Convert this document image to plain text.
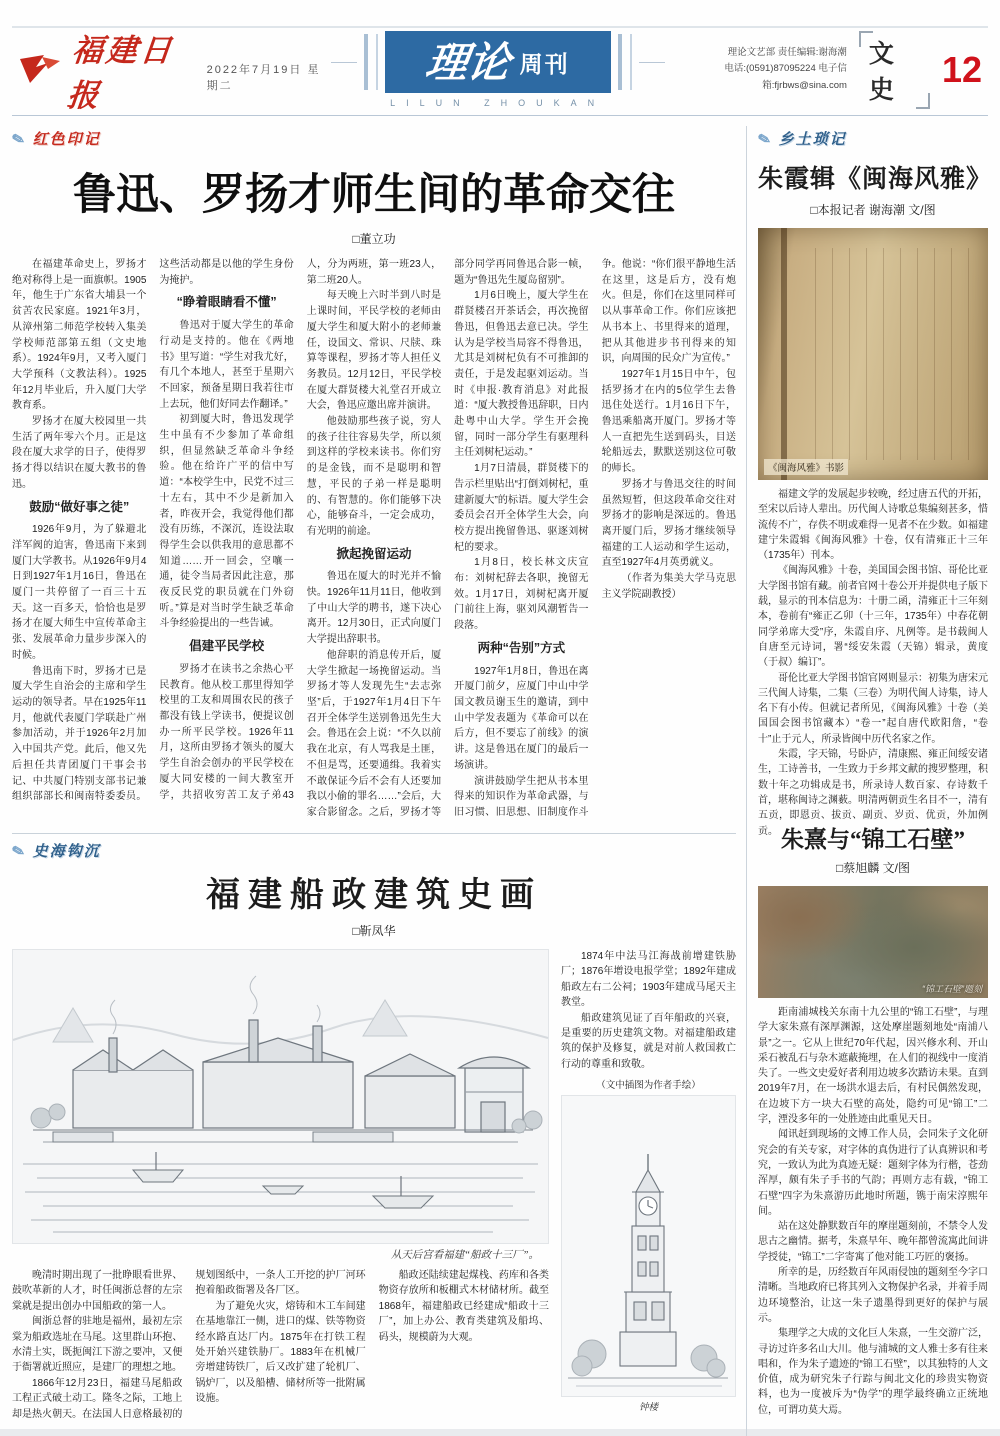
福建日报
2022年7月19日 星期二	理论 周刊
LILUN ZHOUKAN
理论文艺部 责任编辑:谢海潮
电话:(0591)87095224 电子信箱:fjrbws@sina.com
文史	12
✎ 红色印记
鲁迅、罗扬才师生间的革命交往
□董立功

在福建革命史上，罗扬才绝对称得上是一面旗帜。1905年，他生于广东省大埔县一个贫苦农民家庭。1921年3月，从漳州第二师范学校转入集美学校师范部第五组（文史地系）。1924年9月，又考入厦门大学预科（文教法科）。1925年12月毕业后，升入厦门大学教育系。

罗扬才在厦大校园里一共生活了两年零六个月。正是这段在厦大求学的日子，使得罗扬才得以结识在厦大教书的鲁迅。

鼓励“做好事之徒”

1926年9月，为了躲避北洋军阀的迫害，鲁迅南下来到厦门大学教书。从1926年9月4日到1927年1月16日，鲁迅在厦门一共停留了一百三十五天。这一百多天，恰恰也是罗扬才在厦大师生中宣传革命主张、发展革命力量步步深入的时候。

鲁迅南下时，罗扬才已是厦大学生自治会的主席和学生运动的领导者。早在1925年11月，他就代表厦门学联赴广州参加活动，并于1926年2月加入中国共产党。此后，他又先后担任共青团厦门干事会书记、中共厦门特别支部书记兼组织部部长和闽南特委委员。这些活动都是以他的学生身份为掩护。

“睁着眼睛看不懂”

鲁迅对于厦大学生的革命行动是支持的。他在《两地书》里写道：“学生对我尤好，有几个本地人，甚至于星期六不回家，预备星期日我若往市上去玩，他们好同去作翻译。”

初到厦大时，鲁迅发现学生中虽有不少参加了革命组织，但显然缺乏革命斗争经验。他在给许广平的信中写道：“本校学生中，民党不过三十左右，其中不少是新加入者，昨夜开会，我觉得他们都没有历练，不深沉，连设法取得学生会以供我用的意思都不知道……开一回会，空嚷一通，徒令当局者因此注意，那夜反民党的职员就在门外窃听。”算是对当时学生缺乏革命斗争经验提出的一些告诫。

倡建平民学校

罗扬才在读书之余热心平民教育。他从校工那里得知学校里的工友和周围农民的孩子都没有钱上学读书，便提议创办一所平民学校。1926年11月，这所由罗扬才领头的厦大学生自治会创办的平民学校在厦大同安楼的一间大教室开学，共招收穷苦工友子弟43人，分为两班，第一班23人，第二班20人。

每天晚上六时半到八时是上课时间，平民学校的老师由厦大学生和厦大附小的老师兼任，设国文、常识、尺牍、珠算等课程，罗扬才等人担任义务教员。12月12日，平民学校在厦大群贤楼大礼堂召开成立大会，鲁迅应邀出席并演讲。

他鼓励那些孩子说，穷人的孩子往往容易失学，所以须到这样的学校来读书。你们穷的是金钱，而不是聪明和智慧，平民的子弟一样是聪明的、有智慧的。你们能够下决心，能够奋斗，一定会成功，有光明的前途。

掀起挽留运动

鲁迅在厦大的时光并不愉快。1926年11月11日，他收到了中山大学的聘书，遂下决心离开。12月30日，正式向厦门大学提出辞职书。

他辞职的消息传开后，厦大学生掀起一场挽留运动。当罗扬才等人发现先生“去志弥坚”后，于1927年1月4日下午召开全体学生送别鲁迅先生大会。鲁迅在会上说：“不久以前我在北京，有人骂我是土匪，不但是骂，还要通缉。我着实不敢保证今后不会有人还要加我以小偷的罪名……”会后，大家合影留念。之后，罗扬才等部分同学再同鲁迅合影一帧，题为“鲁迅先生厦岛留别”。

1月6日晚上，厦大学生在群贤楼召开茶话会，再次挽留鲁迅，但鲁迅去意已决。学生认为是学校当局容不得鲁迅，尤其是刘树杞负有不可推卸的责任，于是发起驱刘运动。当时《申报·教育消息》对此报道：“厦大教授鲁迅辞职，日内赴粤中山大学。学生开会挽留，同时一部分学生有驱理科主任刘树杞运动。”

1月7日清晨，群贤楼下的告示栏里贴出“打倒刘树杞，重建新厦大”的标语。厦大学生会委员会召开全体学生大会，向校方提出挽留鲁迅、驱逐刘树杞的要求。

1月8日，校长林文庆宣布：刘树杞辞去各职，挽留无效。1月17日，刘树杞离开厦门前往上海，驱刘风潮暂告一段落。

两种“告别”方式

1927年1月8日，鲁迅在离开厦门前夕，应厦门中山中学国文教员谢玉生的邀请，到中山中学发表题为《革命可以在后方，但不要忘了前线》的演讲。这是鲁迅在厦门的最后一场演讲。

演讲鼓励学生把从书本里得来的知识作为革命武器，与旧习惯、旧思想、旧制度作斗争。他说：“你们很平静地生活在这里，这是后方，没有炮火。但是，你们在这里同样可以从事革命工作。你们应该把从书本上、书里得来的道理，把从其他进步书刊得来的知识，向周围的民众广为宣传。”

1927年1月15日中午，包括罗扬才在内的5位学生去鲁迅住处送行。1月16日下午，鲁迅乘船离开厦门。罗扬才等人一直把先生送到码头，目送轮船远去，默默送别这位可敬的师长。

罗扬才与鲁迅交往的时间虽然短暂，但这段革命交往对罗扬才的影响是深远的。鲁迅离开厦门后，罗扬才继续领导福建的工人运动和学生运动，直至1927年4月英勇就义。

（作者为集美大学马克思主义学院副教授）

✎ 史海钩沉
福建船政建筑史画
□靳凤华
从天后宫看福建“船政十三厂”。

晚清时期出现了一批睁眼看世界、鼓吹革新的人才，时任闽浙总督的左宗棠就是提出创办中国船政的第一人。

闽浙总督的驻地是福州，最初左宗棠为船政选址在马尾。这里群山环抱、水清土实，既扼闽江下游之要冲，又便于衙署就近照应，是建厂的理想之地。

1866年12月23日，福建马尾船政工程正式破土动工。隆冬之际，工地上却是热火朝天。在法国人日意格最初的规划图纸中，一条人工开挖的护厂河环抱着船政衙署及各厂区。

为了避免火灾，熔铸和木工车间建在基地靠江一侧，进口的煤、铁等物资经水路直达厂内。1875年在打铁工程处开始兴建铁胁厂。1883年在机械厂旁增建铸铁厂，后又改扩建了轮机厂、锅炉厂，以及船槽、储材所等一批附属设施。

船政还陆续建起煤栈、药库和各类物资存放所和板棚式木材储材所。截至1868年，福建船政已经建成“船政十三厂”，加上办公、教育类建筑及船坞、码头，规模蔚为大观。

1874年中法马江海战前增建铁胁厂；1876年增设电报学堂；1892年建成船政左右二公祠；1903年建成马尾天主教堂。

船政建筑见证了百年船政的兴衰，是重要的历史建筑文物。对福建船政建筑的保护及修复，就是对前人救国救亡行动的尊重和致敬。

（文中插图为作者手绘）
钟楼
✎ 乡土琐记
朱霞辑《闽海风雅》
□本报记者 谢海潮 文/图
《闽海风雅》书影

福建文学的发展起步较晚，经过唐五代的开拓，至宋以后诗人辈出。历代闽人诗歌总集编刻甚多，惜流传不广，存佚不明或难得一见者不在少数。如福建建宁朱霞辑《闽海风雅》十卷，仅有清雍正十三年（1735年）刊本。

《闽海风雅》十卷，美国国会图书馆、哥伦比亚大学图书馆有藏。前者官网十卷公开并提供电子版下载，显示的刊本信息为：十册二函，清雍正十三年刻本，卷前有“雍正乙卯（十三年，1735年）中春花朝同学弟席大受”序，朱霞自序、凡例等。是书载闽人自唐至元诗词，署“绥安朱霞（天锦）辑录，黄度（于叔）编订”。

哥伦比亚大学图书馆官网则显示：初集为唐宋元三代闽人诗集，二集（三卷）为明代闽人诗集，诗人名下有小传。但就记者所见，《闽海风雅》十卷（美国国会图书馆藏本）“卷一”起自唐代欧阳詹，“卷十”止于元人，所录皆闽中历代名家之作。

朱霞，字天锦，号卧庐，清康熙、雍正间绥安诸生，工诗善书，一生致力于乡邦文献的搜罗整理，积数十年之功辑成是书，所录诗人数百家、存诗数千首，堪称闽诗之渊薮。明清两朝贡生名目不一，清有五贡，即恩贡、拔贡、副贡、岁贡、优贡，外加例贡。 朱熹与“锦工石壁”
□蔡旭麟 文/图
“锦工石壁”题刻

距南浦城栈关东南十九公里的“锦工石壁”，与理学大家朱熹有深厚渊源，这处摩崖题刻地处“南浦八景”之一。它从上世纪70年代起，因兴修水利、开山采石被乱石与杂木遮蔽掩埋，在人们的视线中一度消失了。一些文史爱好者利用边坡多次踏访未果。直到2019年7月，在一场洪水退去后，有村民偶然发现，在边坡下方一块大石壁的高处，隐约可见“锦工”二字，湮没多年的一处胜迹由此重见天日。

闻讯赶到现场的文博工作人员，会同朱子文化研究会的有关专家，对字体的真伪进行了认真辨识和考究，一致认为此为真迹无疑：题刻字体为行楷，苍劲浑厚，颇有朱子手书的气韵；再则方志有载，“锦工石壁”四字为朱熹游历此地时所题，镌于南宋淳熙年间。

站在这处静默数百年的摩崖题刻前，不禁令人发思古之幽情。据考，朱熹早年、晚年都曾流寓此间讲学授徒，“锦工”二字寄寓了他对能工巧匠的褒扬。

所幸的是，历经数百年风雨侵蚀的题刻至今字口清晰。当地政府已将其列入文物保护名录，并着手周边环境整治，让这一朱子遗墨得到更好的保护与展示。

集理学之大成的文化巨人朱熹，一生交游广泛，寻访过许多名山大川。他与浦城的文人雅士多有往来唱和，作为朱子遗迹的“锦工石壁”，以其独特的人文价值，成为研究朱子行踪与闽北文化的珍贵实物资料，也为一度被斥为“伪学”的理学最终确立正统地位，可谓功莫大焉。
